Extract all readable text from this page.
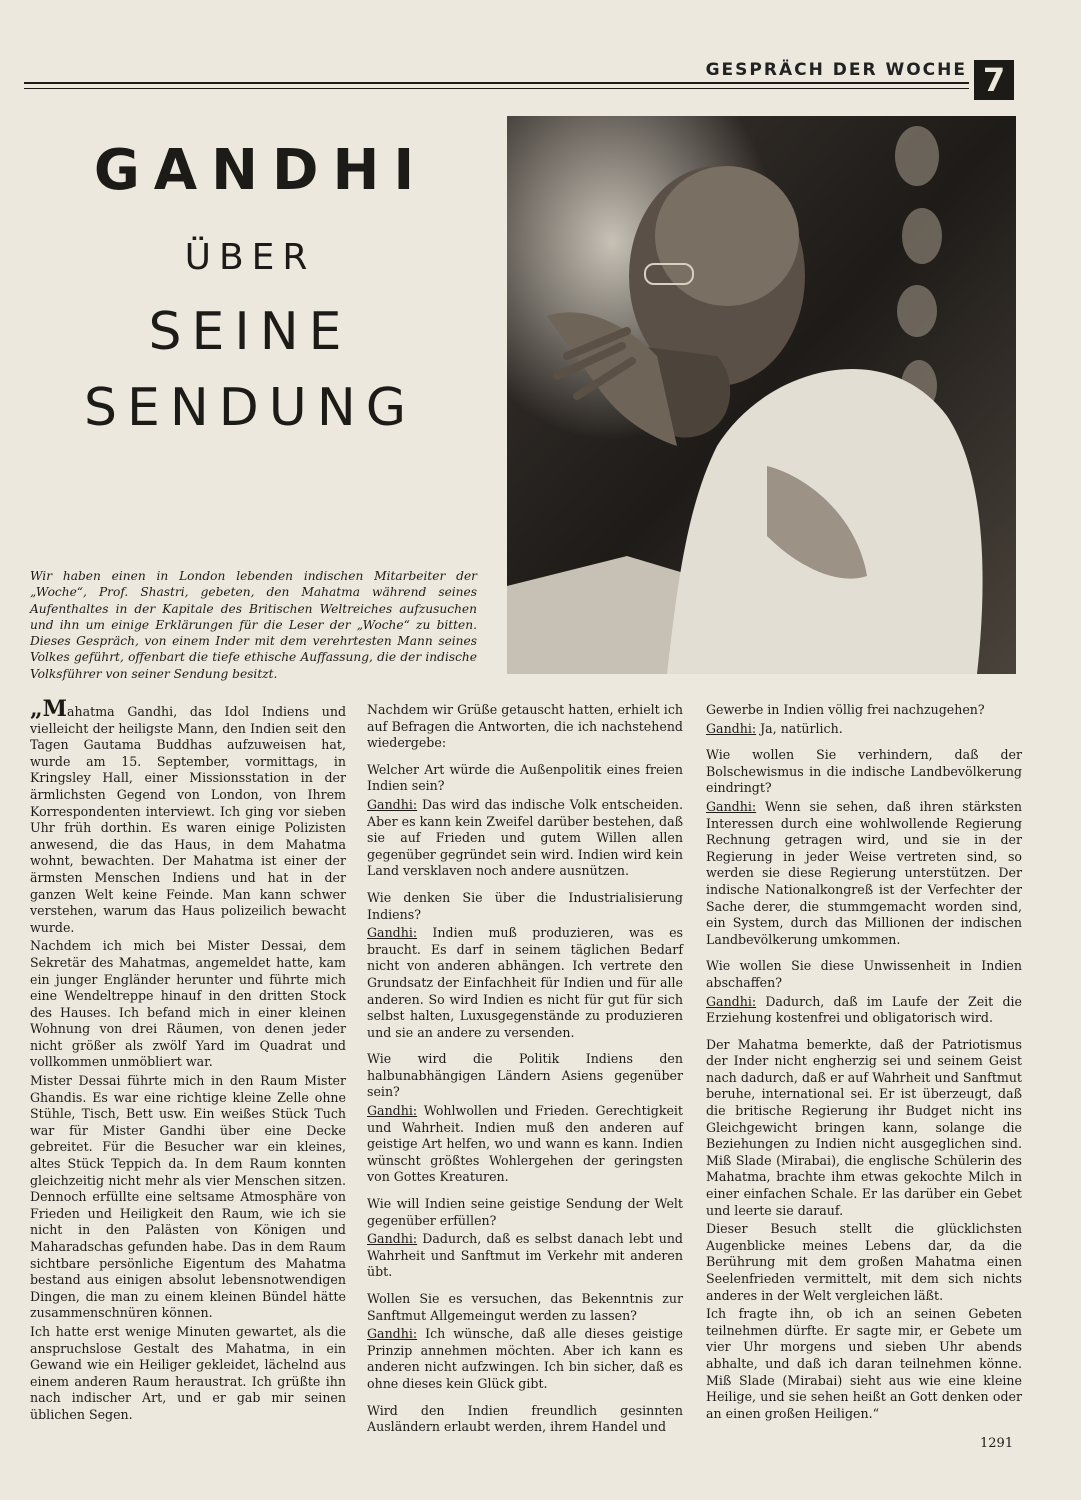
GESPRÄCH DER WOCHE 7
GANDHI
ÜBER
SEINE
SENDUNG
Wir haben einen in London lebenden indischen Mitarbeiter der „Woche“, Prof. Shastri, gebeten, den Mahatma während seines Aufenthaltes in der Kapitale des Britischen Weltreiches aufzusuchen und ihn um einige Erklärungen für die Leser der „Woche“ zu bitten. Dieses Gespräch, von einem Inder mit dem verehrtesten Mann seines Volkes geführt, offenbart die tiefe ethische Auffassung, die der indische Volksführer von seiner Sendung besitzt.

„Mahatma Gandhi, das Idol Indiens und vielleicht der heiligste Mann, den Indien seit den Tagen Gautama Buddhas aufzuweisen hat, wurde am 15. September, vormittags, in Kringsley Hall, einer Missionsstation in der ärmlichsten Gegend von London, von Ihrem Korrespondenten interviewt. Ich ging vor sieben Uhr früh dorthin. Es waren einige Polizisten anwesend, die das Haus, in dem Mahatma wohnt, bewachten. Der Mahatma ist einer der ärmsten Menschen Indiens und hat in der ganzen Welt keine Feinde. Man kann schwer verstehen, warum das Haus polizeilich bewacht wurde.

Nachdem ich mich bei Mister Dessai, dem Sekretär des Mahatmas, angemeldet hatte, kam ein junger Engländer herunter und führte mich eine Wendeltreppe hinauf in den dritten Stock des Hauses. Ich befand mich in einer kleinen Wohnung von drei Räumen, von denen jeder nicht größer als zwölf Yard im Quadrat und vollkommen unmöbliert war.

Mister Dessai führte mich in den Raum Mister Ghandis. Es war eine richtige kleine Zelle ohne Stühle, Tisch, Bett usw. Ein weißes Stück Tuch war für Mister Gandhi über eine Decke gebreitet. Für die Besucher war ein kleines, altes Stück Teppich da. In dem Raum konnten gleichzeitig nicht mehr als vier Menschen sitzen. Dennoch erfüllte eine seltsame Atmosphäre von Frieden und Heiligkeit den Raum, wie ich sie nicht in den Palästen von Königen und Maharadschas gefunden habe. Das in dem Raum sichtbare persönliche Eigentum des Mahatma bestand aus einigen absolut lebensnotwendigen Dingen, die man zu einem kleinen Bündel hätte zusammenschnüren können.

Ich hatte erst wenige Minuten gewartet, als die anspruchslose Gestalt des Mahatma, in ein Gewand wie ein Heiliger gekleidet, lächelnd aus einem anderen Raum heraustrat. Ich grüßte ihn nach indischer Art, und er gab mir seinen üblichen Segen.

Nachdem wir Grüße getauscht hatten, erhielt ich auf Befragen die Antworten, die ich nachstehend wiedergebe:

Welcher Art würde die Außenpolitik eines freien Indien sein?

Gandhi: Das wird das indische Volk entscheiden. Aber es kann kein Zweifel darüber bestehen, daß sie auf Frieden und gutem Willen allen gegenüber gegründet sein wird. Indien wird kein Land versklaven noch andere ausnützen.

Wie denken Sie über die Industrialisierung Indiens?

Gandhi: Indien muß produzieren, was es braucht. Es darf in seinem täglichen Bedarf nicht von anderen abhängen. Ich vertrete den Grundsatz der Einfachheit für Indien und für alle anderen. So wird Indien es nicht für gut für sich selbst halten, Luxusgegenstände zu produzieren und sie an andere zu versenden.

Wie wird die Politik Indiens den halbunabhängigen Ländern Asiens gegenüber sein?

Gandhi: Wohlwollen und Frieden. Gerechtigkeit und Wahrheit. Indien muß den anderen auf geistige Art helfen, wo und wann es kann. Indien wünscht größtes Wohlergehen der geringsten von Gottes Kreaturen.

Wie will Indien seine geistige Sendung der Welt gegenüber erfüllen?

Gandhi: Dadurch, daß es selbst danach lebt und Wahrheit und Sanftmut im Verkehr mit anderen übt.

Wollen Sie es versuchen, das Bekenntnis zur Sanftmut Allgemeingut werden zu lassen?

Gandhi: Ich wünsche, daß alle dieses geistige Prinzip annehmen möchten. Aber ich kann es anderen nicht aufzwingen. Ich bin sicher, daß es ohne dieses kein Glück gibt.

Wird den Indien freundlich gesinnten Ausländern erlaubt werden, ihrem Handel und

Gewerbe in Indien völlig frei nachzugehen?

Gandhi: Ja, natürlich.

Wie wollen Sie verhindern, daß der Bolschewismus in die indische Landbevölkerung eindringt?

Gandhi: Wenn sie sehen, daß ihren stärksten Interessen durch eine wohlwollende Regierung Rechnung getragen wird, und sie in der Regierung in jeder Weise vertreten sind, so werden sie diese Regierung unterstützen. Der indische Nationalkongreß ist der Verfechter der Sache derer, die stummgemacht worden sind, ein System, durch das Millionen der indischen Landbevölkerung umkommen.

Wie wollen Sie diese Unwissenheit in Indien abschaffen?

Gandhi: Dadurch, daß im Laufe der Zeit die Erziehung kostenfrei und obligatorisch wird.

Der Mahatma bemerkte, daß der Patriotismus der Inder nicht engherzig sei und seinem Geist nach dadurch, daß er auf Wahrheit und Sanftmut beruhe, international sei. Er ist überzeugt, daß die britische Regierung ihr Budget nicht ins Gleichgewicht bringen kann, solange die Beziehungen zu Indien nicht ausgeglichen sind. Miß Slade (Mirabai), die englische Schülerin des Mahatma, brachte ihm etwas gekochte Milch in einer einfachen Schale. Er las darüber ein Gebet und leerte sie darauf.

Dieser Besuch stellt die glücklichsten Augenblicke meines Lebens dar, da die Berührung mit dem großen Mahatma einen Seelenfrieden vermittelt, mit dem sich nichts anderes in der Welt vergleichen läßt.

Ich fragte ihn, ob ich an seinen Gebeten teilnehmen dürfte. Er sagte mir, er Gebete um vier Uhr morgens und sieben Uhr abends abhalte, und daß ich daran teilnehmen könne. Miß Slade (Mirabai) sieht aus wie eine kleine Heilige, und sie sehen heißt an Gott denken oder an einen großen Heiligen.“

1291
